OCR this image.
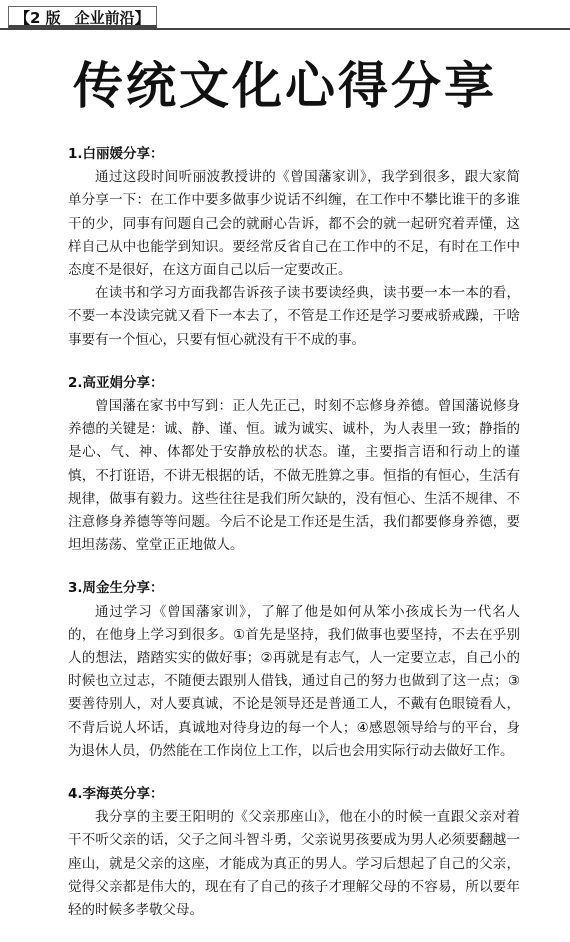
【2 版 企业前沿】
传统文化心得分享

1.白丽媛分享：

通过这段时间听丽波教授讲的《曾国藩家训》，我学到很多，跟大家简单分享一下：在工作中要多做事少说话不纠缠，在工作中不攀比谁干的多谁干的少，同事有问题自己会的就耐心告诉，都不会的就一起研究着弄懂，这样自己从中也能学到知识。要经常反省自己在工作中的不足，有时在工作中态度不是很好，在这方面自己以后一定要改正。

在读书和学习方面我都告诉孩子读书要读经典，读书要一本一本的看，不要一本没读完就又看下一本去了，不管是工作还是学习要戒骄戒躁，干啥事要有一个恒心，只要有恒心就没有干不成的事。

2.高亚娟分享：

曾国藩在家书中写到：正人先正己，时刻不忘修身养德。曾国藩说修身养德的关键是：诚、静、谨、恒。诚为诚实、诚朴，为人表里一致；静指的是心、气、神、体都处于安静放松的状态。谨，主要指言语和行动上的谨慎，不打诳语，不讲无根据的话，不做无胜算之事。恒指的有恒心，生活有规律，做事有毅力。这些往往是我们所欠缺的，没有恒心、生活不规律、不注意修身养德等等问题。今后不论是工作还是生活，我们都要修身养德，要坦坦荡荡、堂堂正正地做人。

3.周金生分享：

通过学习《曾国藩家训》，了解了他是如何从笨小孩成长为一代名人的，在他身上学习到很多。①首先是坚持，我们做事也要坚持，不去在乎别人的想法，踏踏实实的做好事；②再就是有志气，人一定要立志，自己小的时候也立过志，不随便去跟别人借钱，通过自己的努力也做到了这一点；③要善待别人，对人要真诚，不论是领导还是普通工人，不戴有色眼镜看人，不背后说人坏话，真诚地对待身边的每一个人；④感恩领导给与的平台，身为退休人员，仍然能在工作岗位上工作，以后也会用实际行动去做好工作。

4.李海英分享：

我分享的主要王阳明的《父亲那座山》，他在小的时候一直跟父亲对着干不听父亲的话，父子之间斗智斗勇，父亲说男孩要成为男人必须要翻越一座山，就是父亲的这座，才能成为真正的男人。学习后想起了自己的父亲，觉得父亲都是伟大的，现在有了自己的孩子才理解父母的不容易，所以要年轻的时候多孝敬父母。
